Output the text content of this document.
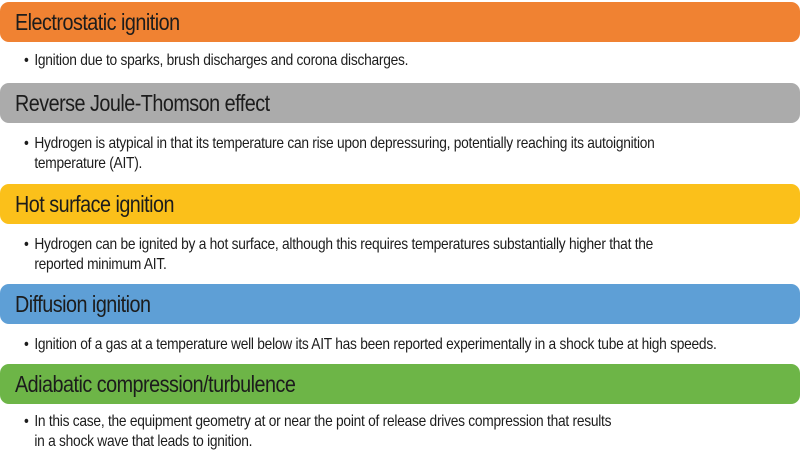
Electrostatic ignition
• Ignition due to sparks, brush discharges and corona discharges.
Reverse Joule-Thomson effect
• Hydrogen is atypical in that its temperature can rise upon depressuring, potentially reaching its autoignition
temperature (AIT).
Hot surface ignition
• Hydrogen can be ignited by a hot surface, although this requires temperatures substantially higher that the
reported minimum AIT.
Diffusion ignition
• Ignition of a gas at a temperature well below its AIT has been reported experimentally in a shock tube at high speeds.
Adiabatic compression/turbulence
• In this case, the equipment geometry at or near the point of release drives compression that results
in a shock wave that leads to ignition.
